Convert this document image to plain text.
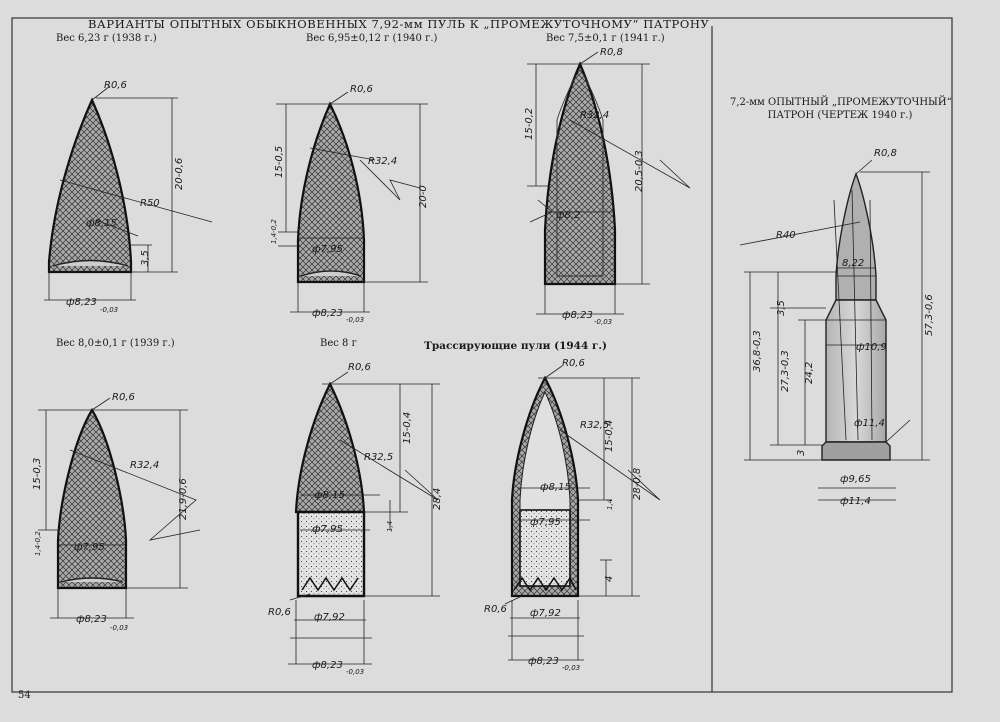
R0,6
R50
20-0,6
ф8,15
3,5
ф8,23
-0,03
R0,6
R32,4
15-0,5
20-0
1,4-0,2
ф7,95
ф8,23
-0,03
R0,8
15-0,2	R32,4
20,5-0,3
ф8,2
ф8,23
-0,03
R0,6
15-0,3	R32,4
21,9-0,6
1,4-0,2	ф7,95
ф8,23
-0,03
R0,6
R32,5
15-0,4
28,4
ф8,15
ф7,95	1,4
R0,6 ф7,92
ф8,23
-0,03
R0,6
R32,5
15-0,4
28-0,8
ф8,15
ф7,95
1,4
4
R0,6 ф7,92
ф8,23
-0,03
R0,8
R40
8,22
3,5
ф10,9
36,8-0,3 27,3-0,3 24,2
57,3-0,6
ф11,4
3
ф9,65
ф11,4
ВАРИАНТЫ ОПЫТНЫХ ОБЫКНОВЕННЫХ 7,92-мм ПУЛЬ К „ПРОМЕЖУТОЧНОМУ“ ПАТРОНУ
Вес 6,23 г (1938 г.)	Вес 6,95±0,12 г (1940 г.)	Вес 7,5±0,1 г (1941 г.)
Вес 8,0±0,1 г (1939 г.)	Вес 8 г	Трассирующие пули (1944 г.)
7,2-мм ОПЫТНЫЙ „ПРОМЕЖУТОЧНЫЙ“
ПАТРОН (ЧЕРТЕЖ 1940 г.)
54
